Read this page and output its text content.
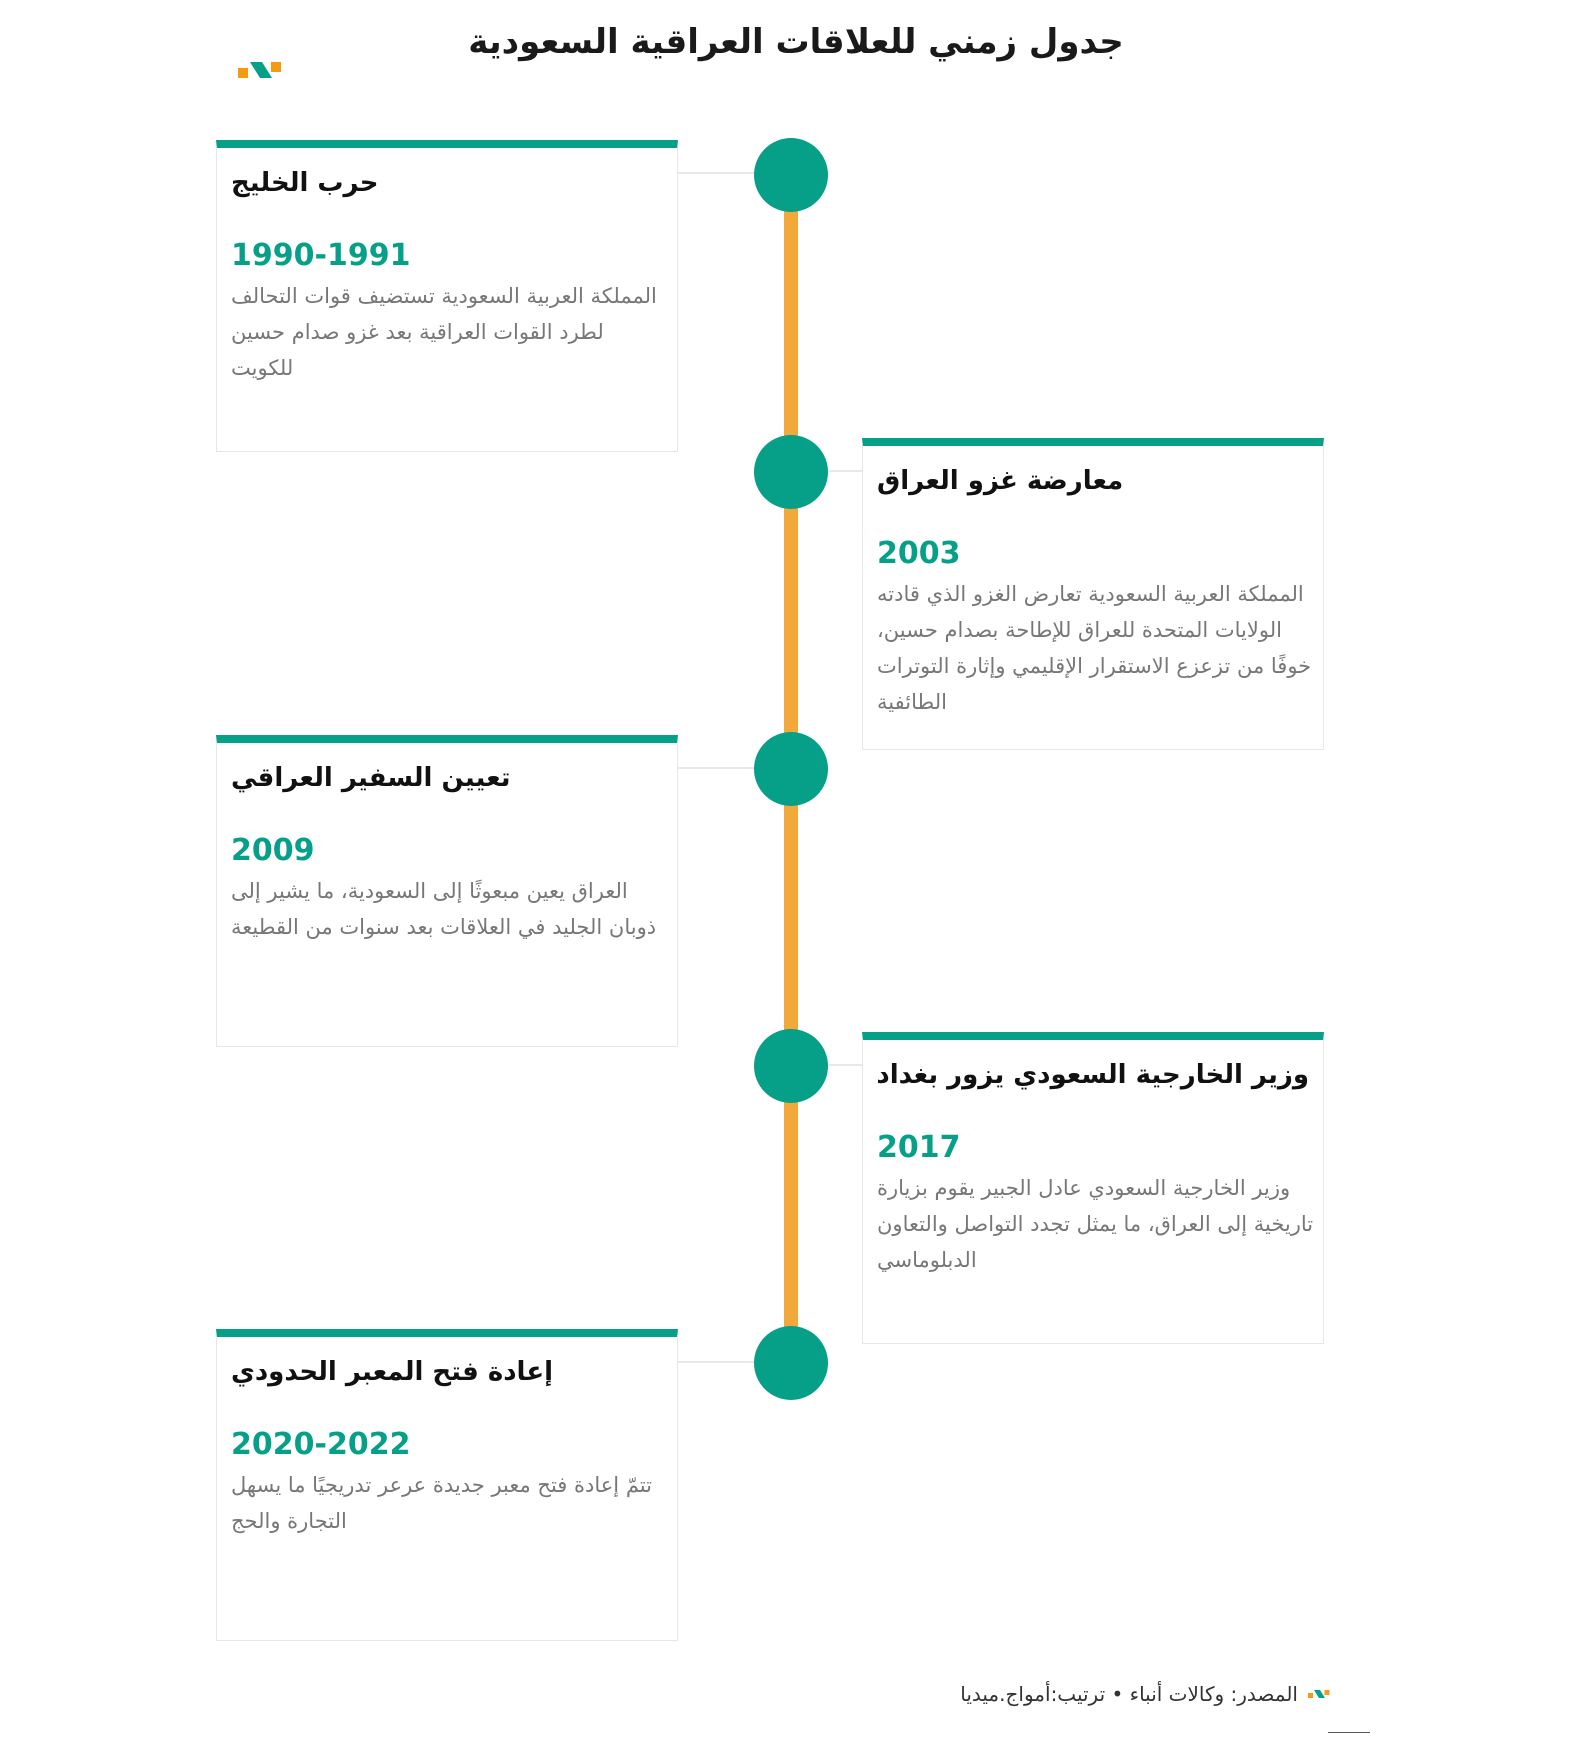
جدول زمني للعلاقات العراقية السعودية
حرب الخليج
1990-1991
المملكة العربية السعودية تستضيف قوات التحالف لطرد القوات العراقية بعد غزو صدام حسين للكويت
معارضة غزو العراق
2003
المملكة العربية السعودية تعارض الغزو الذي قادته الولايات المتحدة للعراق للإطاحة بصدام حسين، خوفًا من تزعزع الاستقرار الإقليمي وإثارة التوترات الطائفية
تعيين السفير العراقي
2009
العراق يعين مبعوثًا إلى السعودية، ما يشير إلى ذوبان الجليد في العلاقات بعد سنوات من القطيعة
وزير الخارجية السعودي يزور بغداد
2017
وزير الخارجية السعودي عادل الجبير يقوم بزيارة تاريخية إلى العراق، ما يمثل تجدد التواصل والتعاون الدبلوماسي
إعادة فتح المعبر الحدودي
2020-2022
تتمّ إعادة فتح معبر جديدة عرعر تدريجيًا ما يسهل التجارة والحج
المصدر: وكالات أنباء • ترتيب:أمواج.ميديا
